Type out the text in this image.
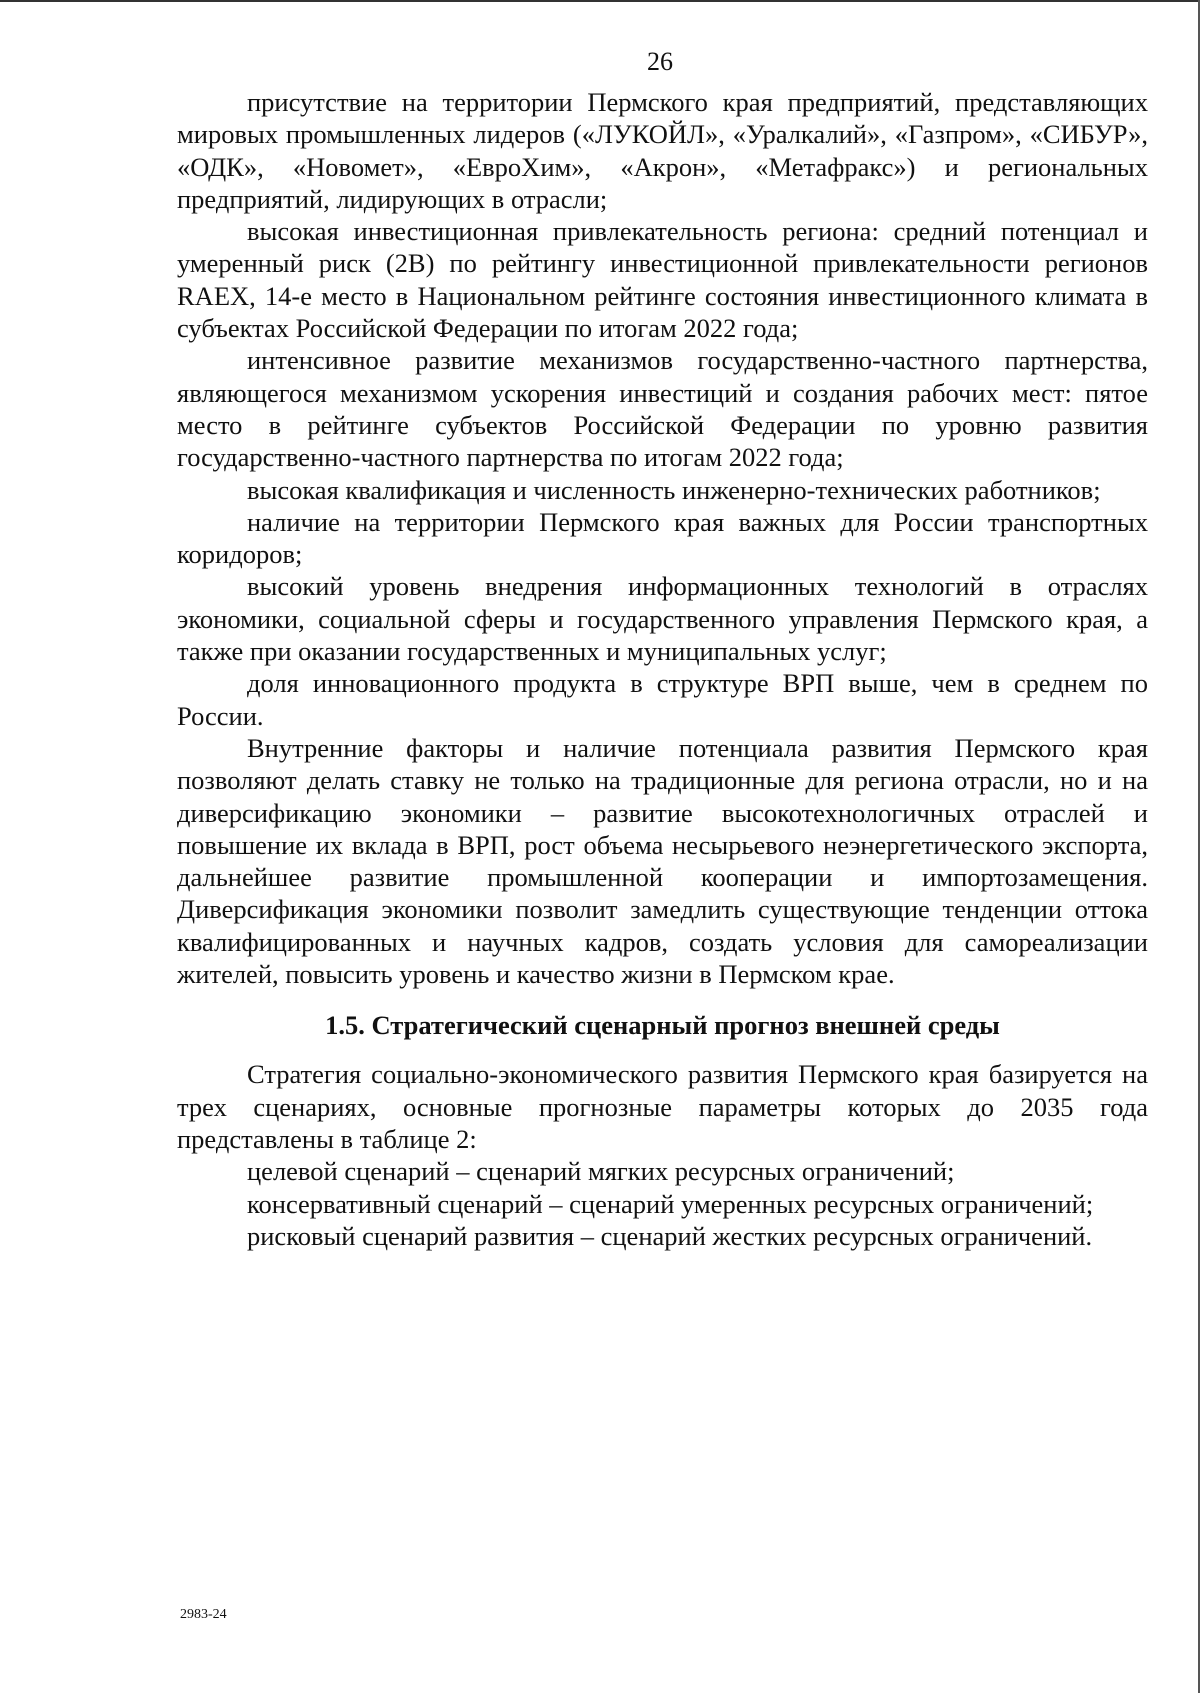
26

присутствие на территории Пермского края предприятий, представляющих мировых промышленных лидеров («ЛУКОЙЛ», «Уралкалий», «Газпром», «СИБУР», «ОДК», «Новомет», «ЕвроХим», «Акрон», «Метафракс») и региональных предприятий, лидирующих в отрасли;

высокая инвестиционная привлекательность региона: средний потенциал и умеренный риск (2B) по рейтингу инвестиционной привлекательности регионов RAEX, 14-е место в Национальном рейтинге состояния инвестиционного климата в субъектах Российской Федерации по итогам 2022 года;

интенсивное развитие механизмов государственно-частного партнерства, являющегося механизмом ускорения инвестиций и создания рабочих мест: пятое место в рейтинге субъектов Российской Федерации по уровню развития государственно-частного партнерства по итогам 2022 года;

высокая квалификация и численность инженерно-технических работников;

наличие на территории Пермского края важных для России транспортных коридоров;

высокий уровень внедрения информационных технологий в отраслях экономики, социальной сферы и государственного управления Пермского края, а также при оказании государственных и муниципальных услуг;

доля инновационного продукта в структуре ВРП выше, чем в среднем по России.

Внутренние факторы и наличие потенциала развития Пермского края позволяют делать ставку не только на традиционные для региона отрасли, но и на диверсификацию экономики – развитие высокотехнологичных отраслей и повышение их вклада в ВРП, рост объема несырьевого неэнергетического экспорта, дальнейшее развитие промышленной кооперации и импортозамещения. Диверсификация экономики позволит замедлить существующие тенденции оттока квалифицированных и научных кадров, создать условия для самореализации жителей, повысить уровень и качество жизни в Пермском крае.

1.5. Стратегический сценарный прогноз внешней среды

Стратегия социально-экономического развития Пермского края базируется на трех сценариях, основные прогнозные параметры которых до 2035 года представлены в таблице 2:

целевой сценарий – сценарий мягких ресурсных ограничений;

консервативный сценарий – сценарий умеренных ресурсных ограничений;

рисковый сценарий развития – сценарий жестких ресурсных ограничений.

2983-24
